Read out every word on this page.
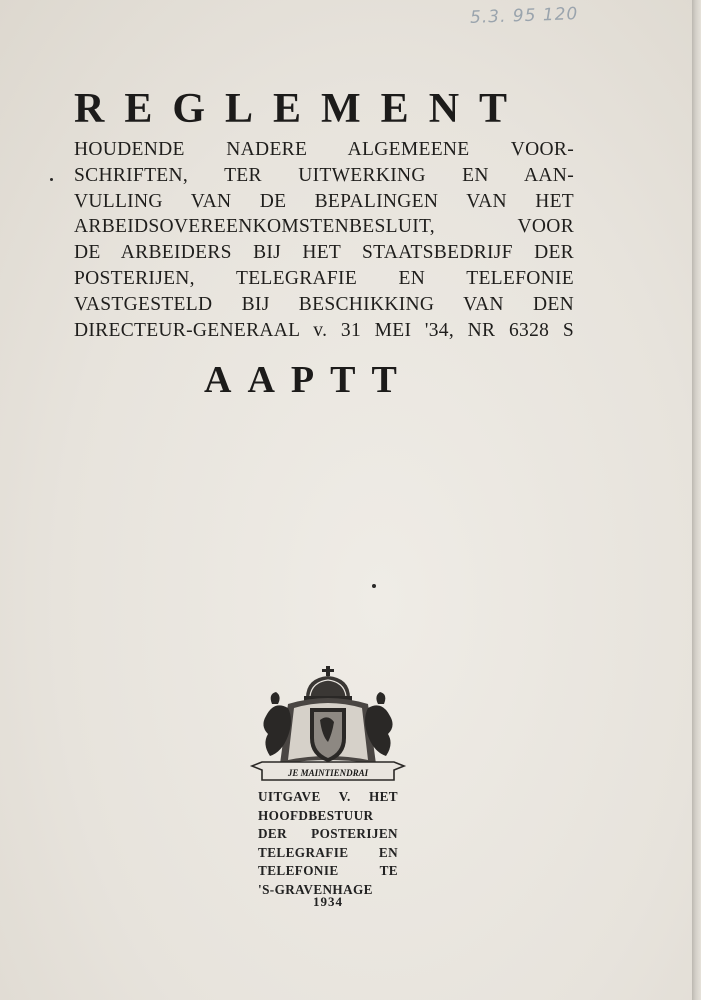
5.3. 95 120
REGLEMENT
HOUDENDE NADERE ALGEMEENE VOOR-
SCHRIFTEN, TER UITWERKING EN AAN-
VULLING VAN DE BEPALINGEN VAN HET
ARBEIDSOVEREENKOMSTENBESLUIT, VOOR
DE ARBEIDERS BIJ HET STAATSBEDRIJF DER
POSTERIJEN, TELEGRAFIE EN TELEFONIE
VASTGESTELD BIJ BESCHIKKING VAN DEN
DIRECTEUR-GENERAAL v. 31 MEI '34, NR 6328 S
AAPTT
JE MAINTIENDRAI
UITGAVE V. HET
HOOFDBESTUUR
DER POSTERIJEN
TELEGRAFIE EN
TELEFONIE TE
'S-GRAVENHAGE
1934
